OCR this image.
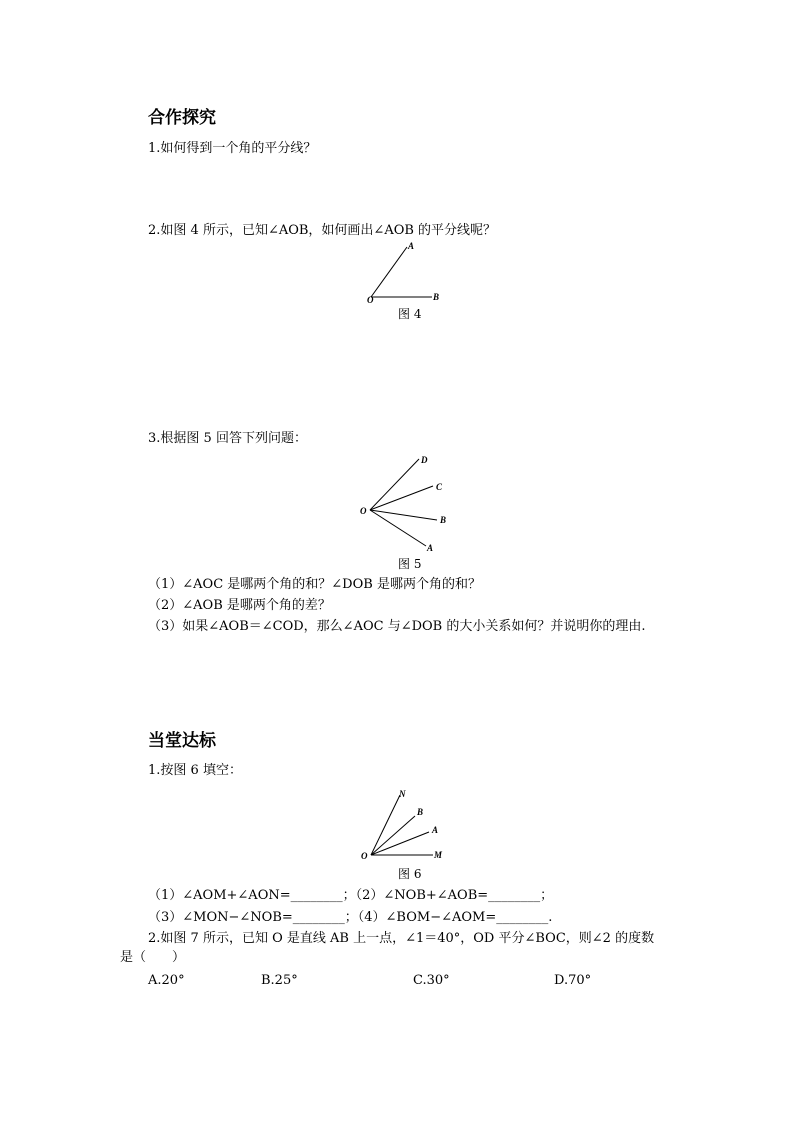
合作探究
1.如何得到一个角的平分线？
2.如图 4 所示，已知∠AOB，如何画出∠AOB 的平分线呢？
O
A
B
图 4
3.根据图 5 回答下列问题：
O
D
C
B
A
图 5
（1）∠AOC 是哪两个角的和？∠DOB 是哪两个角的和？
（2）∠AOB 是哪两个角的差？
（3）如果∠AOB＝∠COD，那么∠AOC 与∠DOB 的大小关系如何？并说明你的理由.
当堂达标
1.按图 6 填空：
O
N
B
A
M
图 6
（1）∠AOM+∠AON=________；（2）∠NOB+∠AOB=________；
（3）∠MON−∠NOB=________；（4）∠BOM−∠AOM=________.
2.如图 7 所示，已知 O 是直线 AB 上一点，∠1＝40°，OD 平分∠BOC，则∠2 的度数
是（　　）
A.20°	B.25°	C.30°	D.70°
